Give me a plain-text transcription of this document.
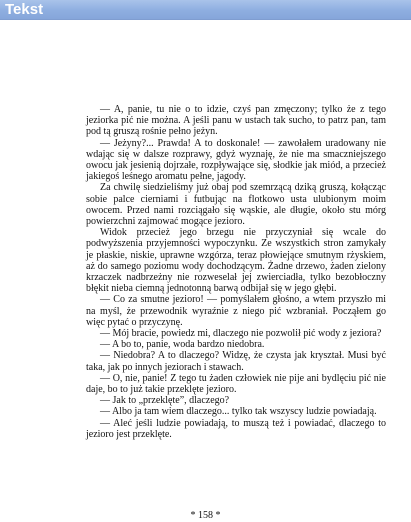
Tekst

— A, panie, tu nie o to idzie, czyś pan zmęczony; tylko że z tego jeziorka pić nie można. A jeśli panu w ustach tak sucho, to patrz pan, tam pod tą gruszą rośnie pełno jeżyn.

— Jeżyny?... Prawda! A to doskonale! — zawołałem uradowany nie wdając się w dalsze rozprawy, gdyż wyznaję, że nie ma smaczniejszego owocu jak jesienią dojrzałe, rozpływające się, słodkie jak miód, a przecież jakiegoś leśnego aromatu pełne, jagody.

Za chwilę siedzieliśmy już obaj pod szemrzącą dziką gruszą, kołącząc sobie palce cierniami i futbując na flotkowo usta ulubionym moim owocem. Przed nami rozciągało się wąskie, ale długie, około stu mórg powierzchni zajmować mogące jezioro.

Widok przecież jego brzegu nie przyczyniał się wcale do podwyższenia przyjemności wypoczynku. Ze wszystkich stron zamykały je płaskie, niskie, uprawne wzgórza, teraz płowiejące smutnym rżyskiem, aż do samego poziomu wody dochodzącym. Żadne drzewo, żaden zielony krzaczek nadbrzeżny nie rozweselał jej zwierciadła, tylko bezobłoczny błękit nieba ciemną jednotonną barwą odbijał się w jego głębi.

— Co za smutne jezioro! — pomyślałem głośno, a wtem przyszło mi na myśl, że przewodnik wyraźnie z niego pić wzbraniał. Począłem go więc pytać o przyczynę.

— Mój bracie, powiedz mi, dlaczego nie pozwolił pić wody z jeziora?

— A bo to, panie, woda bardzo niedobra.

— Niedobra? A to dlaczego? Widzę, że czysta jak kryształ. Musi być taka, jak po innych jeziorach i stawach.

— O, nie, panie! Z tego tu żaden człowiek nie pije ani bydlęciu pić nie daje, bo to już takie przeklęte jezioro.

— Jak to „przeklęte”, dlaczego?

— Albo ja tam wiem dlaczego... tylko tak wszyscy ludzie powiadają.

— Aleć jeśli ludzie powiadają, to muszą też i powiadać, dlaczego to jezioro jest przeklęte.

* 158 *
